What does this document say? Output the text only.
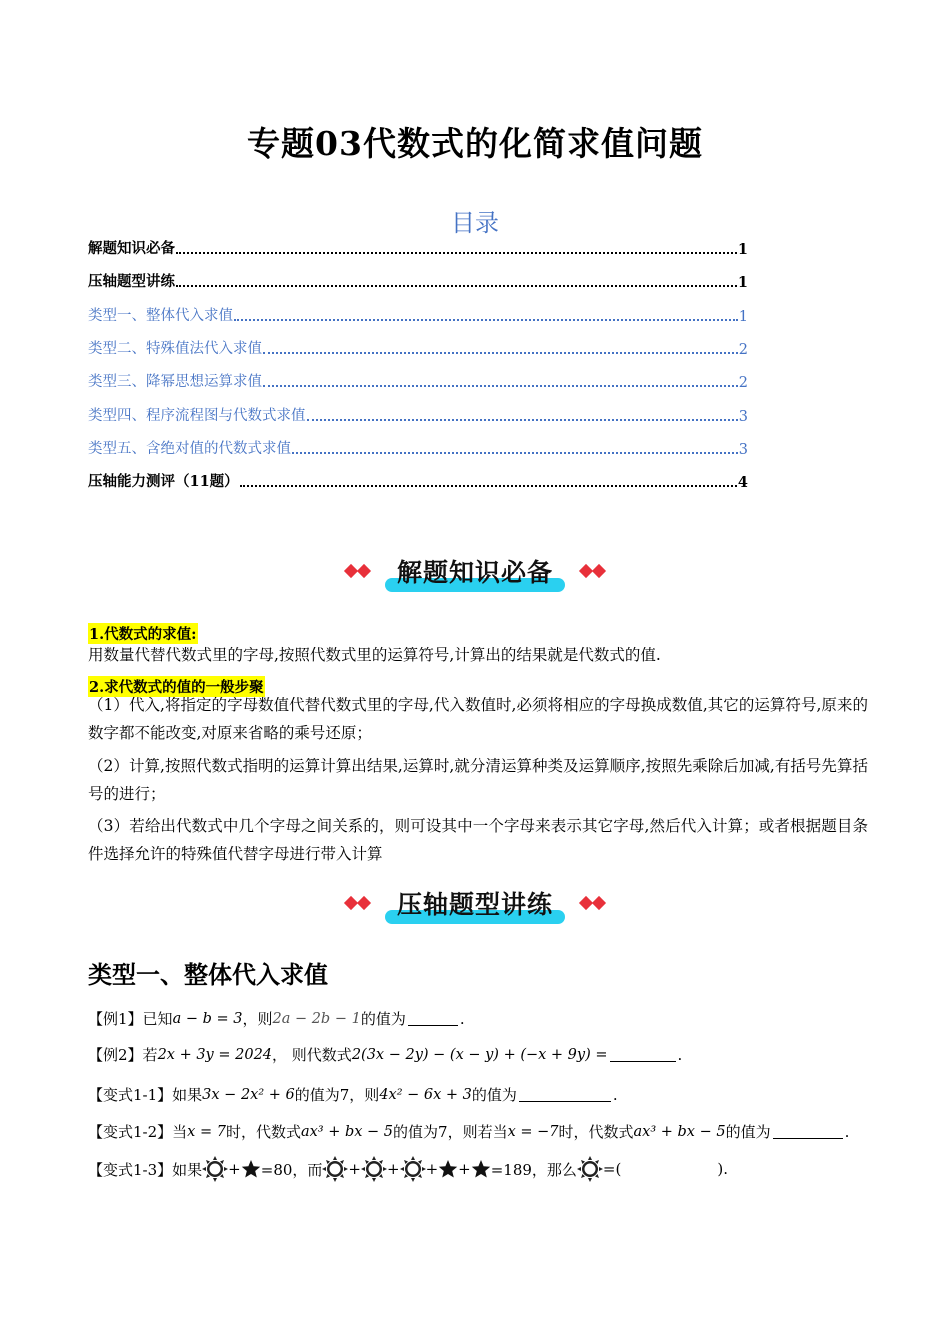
专题03代数式的化简求值问题
目录
解题知识必备	1
压轴题型讲练	1
类型一、整体代入求值	1
类型二、特殊值法代入求值	2
类型三、降幂思想运算求值	2
类型四、程序流程图与代数式求值	3
类型五、含绝对值的代数式求值	3
压轴能力测评（11题）	4
解题知识必备
1.代数式的求值:
用数量代替代数式里的字母,按照代数式里的运算符号,计算出的结果就是代数式的值.
2.求代数式的值的一般步聚
（1）代入,将指定的字母数值代替代数式里的字母,代入数值时,必须将相应的字母换成数值,其它的运算符号,原来的数字都不能改变,对原来省略的乘号还原；
（2）计算,按照代数式指明的运算计算出结果,运算时,就分清运算种类及运算顺序,按照先乘除后加减,有括号先算括号的进行；
（3）若给出代数式中几个字母之间关系的，则可设其中一个字母来表示其它字母,然后代入计算；或者根据题目条件选择允许的特殊值代替字母进行带入计算
压轴题型讲练
类型一、整体代入求值
【例1】 已知 a − b = 3 ，则 2a − 2b − 1 的值为	.
【例2】 若 2x + 3y = 2024 ， 则代数式 2(3x − 2y) − (x − y) + (−x + 9y) =	.
【变式1-1】 如果 3x − 2x² + 6 的值为7，则 4x² − 6x + 3 的值为	.
【变式1-2】 当 x = 7 时，代数式 ax³ + bx − 5 的值为7，则若当 x = −7 时，代数式 ax³ + bx − 5 的值为	.
【变式1-3】 如果 + =80，而 + + + + =189，那么 =(	).
